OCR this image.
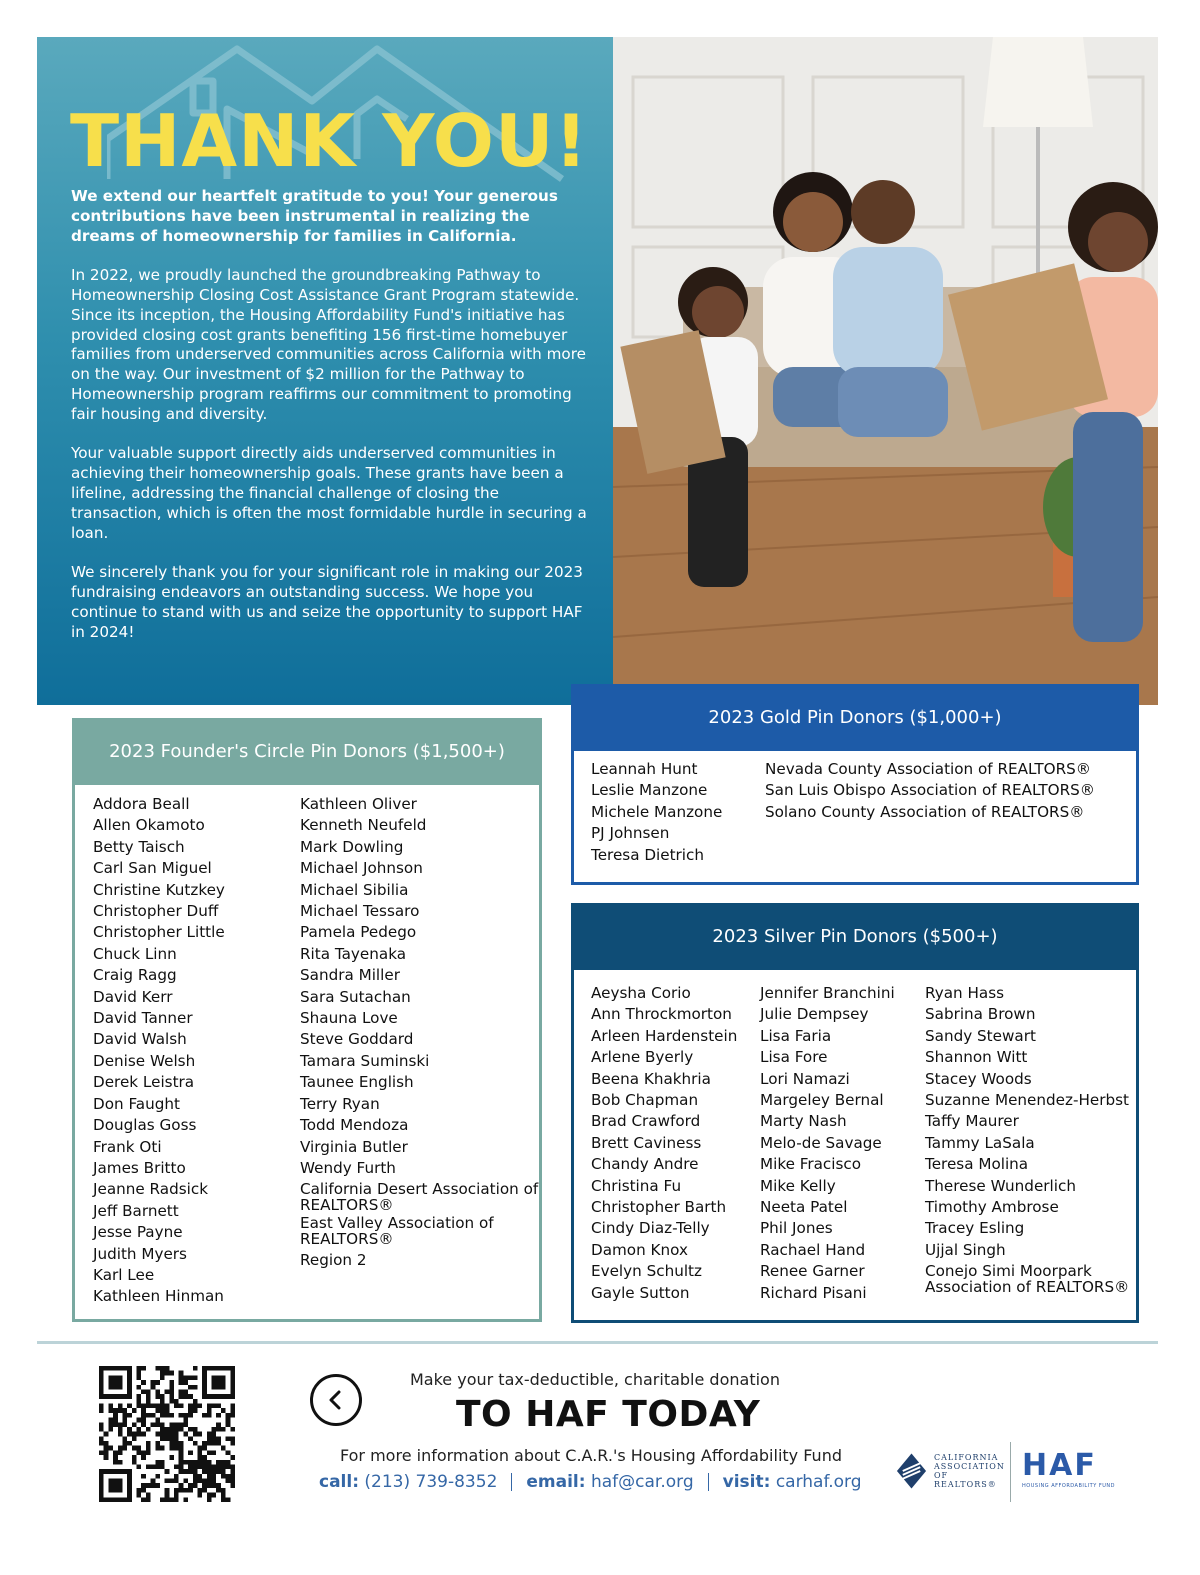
THANK YOU!

We extend our heartfelt gratitude to you! Your generous contributions have been instrumental in realizing the dreams of homeownership for families in California.

In 2022, we proudly launched the groundbreaking Pathway to Homeownership Closing Cost Assistance Grant Program statewide. Since its inception, the Housing Affordability Fund's initiative has provided closing cost grants benefiting 156 first-time homebuyer families from underserved communities across California with more on the way. Our investment of $2 million for the Pathway to Homeownership program reaffirms our commitment to promoting fair housing and diversity.

Your valuable support directly aids underserved communities in achieving their homeownership goals. These grants have been a lifeline, addressing the financial challenge of closing the transaction, which is often the most formidable hurdle in securing a loan.

We sincerely thank you for your significant role in making our 2023 fundraising endeavors an outstanding success. We hope you continue to stand with us and seize the opportunity to support HAF in 2024!

2023 Founder's Circle Pin Donors ($1,500+)
Addora Beall
Allen Okamoto
Betty Taisch
Carl San Miguel
Christine Kutzkey
Christopher Duff
Christopher Little
Chuck Linn
Craig Ragg
David Kerr
David Tanner
David Walsh
Denise Welsh
Derek Leistra
Don Faught
Douglas Goss
Frank Oti
James Britto
Jeanne Radsick
Jeff Barnett
Jesse Payne
Judith Myers
Karl Lee
Kathleen Hinman
Kathleen Oliver
Kenneth Neufeld
Mark Dowling
Michael Johnson
Michael Sibilia
Michael Tessaro
Pamela Pedego
Rita Tayenaka
Sandra Miller
Sara Sutachan
Shauna Love
Steve Goddard
Tamara Suminski
Taunee English
Terry Ryan
Todd Mendoza
Virginia Butler
Wendy Furth
California Desert Association of REALTORS®
East Valley Association of REALTORS®
Region 2
2023 Gold Pin Donors ($1,000+)
Leannah Hunt
Leslie Manzone
Michele Manzone
PJ Johnsen
Teresa Dietrich
Nevada County Association of REALTORS®
San Luis Obispo Association of REALTORS®
Solano County Association of REALTORS®
2023 Silver Pin Donors ($500+)
Aeysha Corio
Ann Throckmorton
Arleen Hardenstein
Arlene Byerly
Beena Khakhria
Bob Chapman
Brad Crawford
Brett Caviness
Chandy Andre
Christina Fu
Christopher Barth
Cindy Diaz-Telly
Damon Knox
Evelyn Schultz
Gayle Sutton
Jennifer Branchini
Julie Dempsey
Lisa Faria
Lisa Fore
Lori Namazi
Margeley Bernal
Marty Nash
Melo-de Savage
Mike Fracisco
Mike Kelly
Neeta Patel
Phil Jones
Rachael Hand
Renee Garner
Richard Pisani
Ryan Hass
Sabrina Brown
Sandy Stewart
Shannon Witt
Stacey Woods
Suzanne Menendez-Herbst
Taffy Maurer
Tammy LaSala
Teresa Molina
Therese Wunderlich
Timothy Ambrose
Tracey Esling
Ujjal Singh
Conejo Simi Moorpark Association of REALTORS®
Make your tax-deductible, charitable donation
TO HAF TODAY
For more information about C.A.R.'s Housing Affordability Fund
call:
(213) 739-8352 email:
haf@car.org visit:
carhaf.org
CALIFORNIA ASSOCIATION OF REALTORS®
HAF
HOUSING AFFORDABILITY FUND
